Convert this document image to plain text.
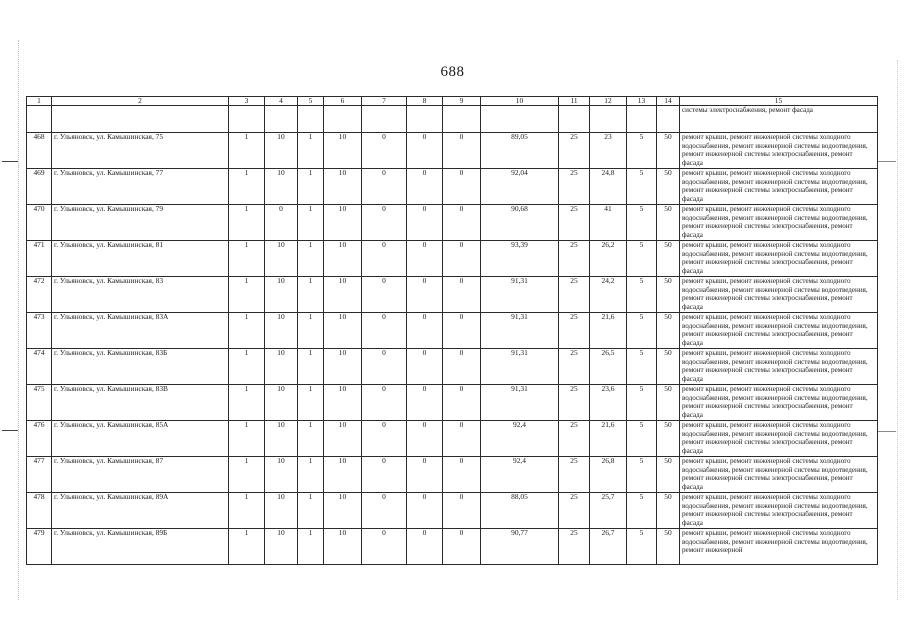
688
1	2	3	4	5	6	7	8	9	10	11	12	13	14	15
														системы электроснабжения, ремонт фасада
468	г. Ульяновск, ул. Камышинская, 75	1	10	1	10	0	0	0	89,05	25	23	5	50	ремонт крыши, ремонт инженерной системы холодного водоснабжения, ремонт инженерной системы водоотведения, ремонт инженерной системы электроснабжения, ремонт фасада
469	г. Ульяновск, ул. Камышинская, 77	1	10	1	10	0	0	0	92,04	25	24,8	5	50	ремонт крыши, ремонт инженерной системы холодного водоснабжения, ремонт инженерной системы водоотведения, ремонт инженерной системы электроснабжения, ремонт фасада
470	г. Ульяновск, ул. Камышинская, 79	1	0	1	10	0	0	0	90,68	25	41	5	50	ремонт крыши, ремонт инженерной системы холодного водоснабжения, ремонт инженерной системы водоотведения, ремонт инженерной системы электроснабжения, ремонт фасада
471	г. Ульяновск, ул. Камышинская, 81	1	10	1	10	0	0	0	93,39	25	26,2	5	50	ремонт крыши, ремонт инженерной системы холодного водоснабжения, ремонт инженерной системы водоотведения, ремонт инженерной системы электроснабжения, ремонт фасада
472	г. Ульяновск, ул. Камышинская, 83	1	10	1	10	0	0	0	91,31	25	24,2	5	50	ремонт крыши, ремонт инженерной системы холодного водоснабжения, ремонт инженерной системы водоотведения, ремонт инженерной системы электроснабжения, ремонт фасада
473	г. Ульяновск, ул. Камышинская, 83А	1	10	1	10	0	0	0	91,31	25	21,6	5	50	ремонт крыши, ремонт инженерной системы холодного водоснабжения, ремонт инженерной системы водоотведения, ремонт инженерной системы электроснабжения, ремонт фасада
474	г. Ульяновск, ул. Камышинская, 83Б	1	10	1	10	0	0	0	91,31	25	26,5	5	50	ремонт крыши, ремонт инженерной системы холодного водоснабжения, ремонт инженерной системы водоотведения, ремонт инженерной системы электроснабжения, ремонт фасада
475	г. Ульяновск, ул. Камышинская, 83В	1	10	1	10	0	0	0	91,31	25	23,6	5	50	ремонт крыши, ремонт инженерной системы холодного водоснабжения, ремонт инженерной системы водоотведения, ремонт инженерной системы электроснабжения, ремонт фасада
476	г. Ульяновск, ул. Камышинская, 85А	1	10	1	10	0	0	0	92,4	25	21,6	5	50	ремонт крыши, ремонт инженерной системы холодного водоснабжения, ремонт инженерной системы водоотведения, ремонт инженерной системы электроснабжения, ремонт фасада
477	г. Ульяновск, ул. Камышинская, 87	1	10	1	10	0	0	0	92,4	25	26,8	5	50	ремонт крыши, ремонт инженерной системы холодного водоснабжения, ремонт инженерной системы водоотведения, ремонт инженерной системы электроснабжения, ремонт фасада
478	г. Ульяновск, ул. Камышинская, 89А	1	10	1	10	0	0	0	88,05	25	25,7	5	50	ремонт крыши, ремонт инженерной системы холодного водоснабжения, ремонт инженерной системы водоотведения, ремонт инженерной системы электроснабжения, ремонт фасада
479	г. Ульяновск, ул. Камышинская, 89Б	1	10	1	10	0	0	0	90,77	25	26,7	5	50	ремонт крыши, ремонт инженерной системы холодного водоснабжения, ремонт инженерной системы водоотведения, ремонт инженерной
